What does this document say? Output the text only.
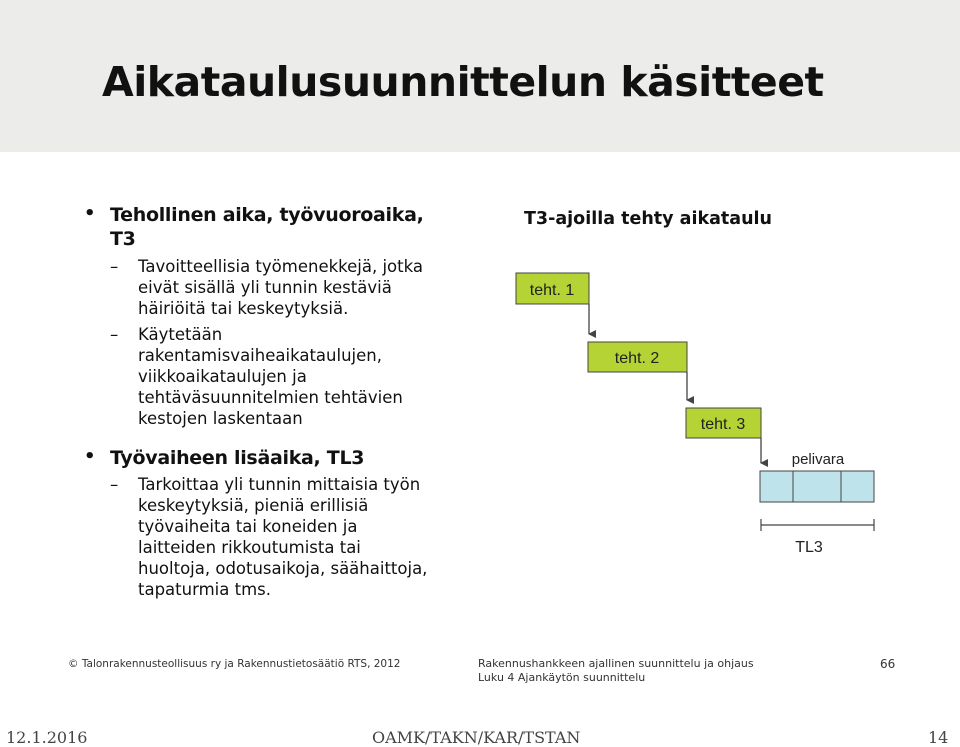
Aikataulusuunnittelun käsitteet
• Tehollinen aika, työvuoroaika,
T3
– Tavoitteellisia työmenekkejä, jotka
eivät sisällä yli tunnin kestäviä
häiriöitä tai keskeytyksiä.
– Käytetään
rakentamisvaiheaikataulujen,
viikkoaikataulujen ja
tehtäväsuunnitelmien tehtävien
kestojen laskentaan
• Työvaiheen lisäaika, TL3
– Tarkoittaa yli tunnin mittaisia työn
keskeytyksiä, pieniä erillisiä
työvaiheita tai koneiden ja
laitteiden rikkoutumista tai
huoltoja, odotusaikoja, säähaittoja,
tapaturmia tms.
T3-ajoilla tehty aikataulu
teht. 1
teht. 2
teht. 3
pelivara
TL3
© Talonrakennusteollisuus ry ja Rakennustietosäätiö RTS, 2012	Rakennushankkeen ajallinen suunnittelu ja ohjaus
Luku 4 Ajankäytön suunnittelu
66
12.1.2016	OAMK/TAKN/KAR/TSTAN	14
